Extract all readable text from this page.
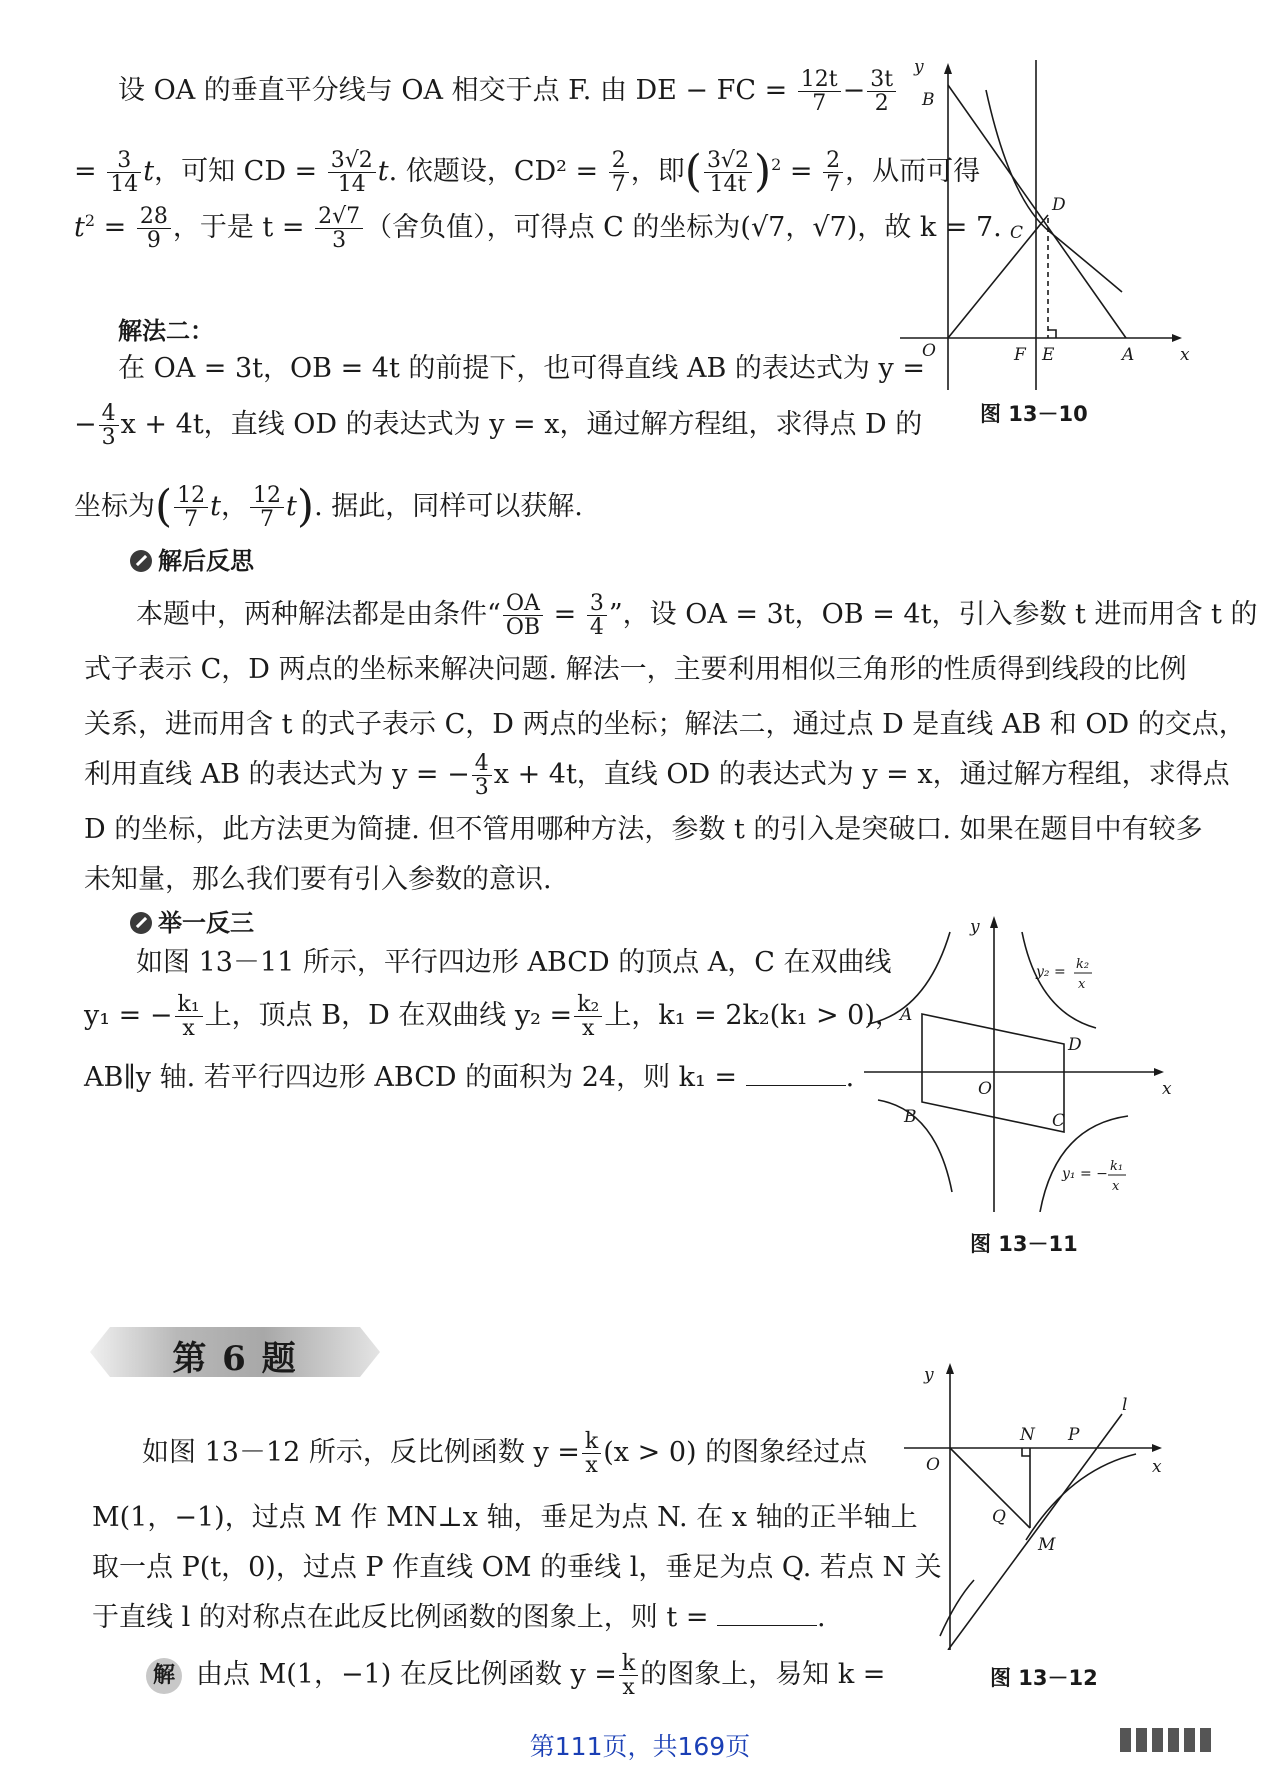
设 OA 的垂直平分线与 OA 相交于点 F. 由 DE − FC = $\frac{12t}{7} - \frac{3t}{2}$

= $\frac{3}{14}$ t，可知 CD = $\frac{3√2}{14} t$. 依题设，$CD^2 = \frac{2}{7}$ ，即( $\frac{3√2}{14t} )^2 = \frac{2}{7}$ ，从而可得

$t^2 = \frac{28}{9}$ ，于是 $t = \frac{2√7}{3}$ （舍负值），可得点 C 的坐标为(√7，√7)，故 k = 7.

解法二：

在 OA = 3t，OB = 4t 的前提下，也可得直线 AB 的表达式为 y =

− $\frac{4}{3}$ x + 4t，直线 OD 的表达式为 y = x，通过解方程组，求得点 D 的

坐标为( $\frac{12}{7}$ t， $\frac{12}{7} t$). 据此，同样可以获解.

解后反思

本题中，两种解法都是由条件“ $\frac{OA}{OB} = \frac{3}{4}$ ”，设 OA = 3t，OB = 4t，引入参数 t 进而用含 t 的

式子表示 C，D 两点的坐标来解决问题. 解法一，主要利用相似三角形的性质得到线段的比例

关系，进而用含 t 的式子表示 C，D 两点的坐标；解法二，通过点 D 是直线 AB 和 OD 的交点，

利用直线 AB 的表达式为 y = − $\frac{4}{3}$ x + 4t，直线 OD 的表达式为 y = x，通过解方程组，求得点

D 的坐标，此方法更为简捷. 但不管用哪种方法，参数 t 的引入是突破口. 如果在题目中有较多

未知量，那么我们要有引入参数的意识.

举一反三

如图 13－11 所示，平行四边形 ABCD 的顶点 A，C 在双曲线

y₁ = − $\frac{\text{k₁}}{x}$ 上，顶点 B，D 在双曲线 $y_2 = \frac{\text{k₂}}{x}$ 上，k₁ = 2k₂(k₁ > 0)，

AB∥y 轴. 若平行四边形 ABCD 的面积为 24，则 k₁ =	.

第 6 题

如图 13－12 所示，反比例函数 $y = \frac{k}{x} (x > 0)$ 的图象经过点

M(1，−1)，过点 M 作 MN⊥x 轴，垂足为点 N. 在 x 轴的正半轴上

取一点 P(t，0)，过点 P 作直线 OM 的垂线 l，垂足为点 Q. 若点 N 关

于直线 l 的对称点在此反比例函数的图象上，则 t =	.

解 由点 M(1，−1) 在反比例函数 $y = \frac{k}{x}$ 的图象上，易知 k =

y
x
B
D
C
O	F E	A
图 13－10
y
x
A
B	C
D
O
y₂ = k₂
x
y₁ = − k₁
x
图 13－11
y
x
O
N P
l
Q
M
图 13－12
第111页，共169页
